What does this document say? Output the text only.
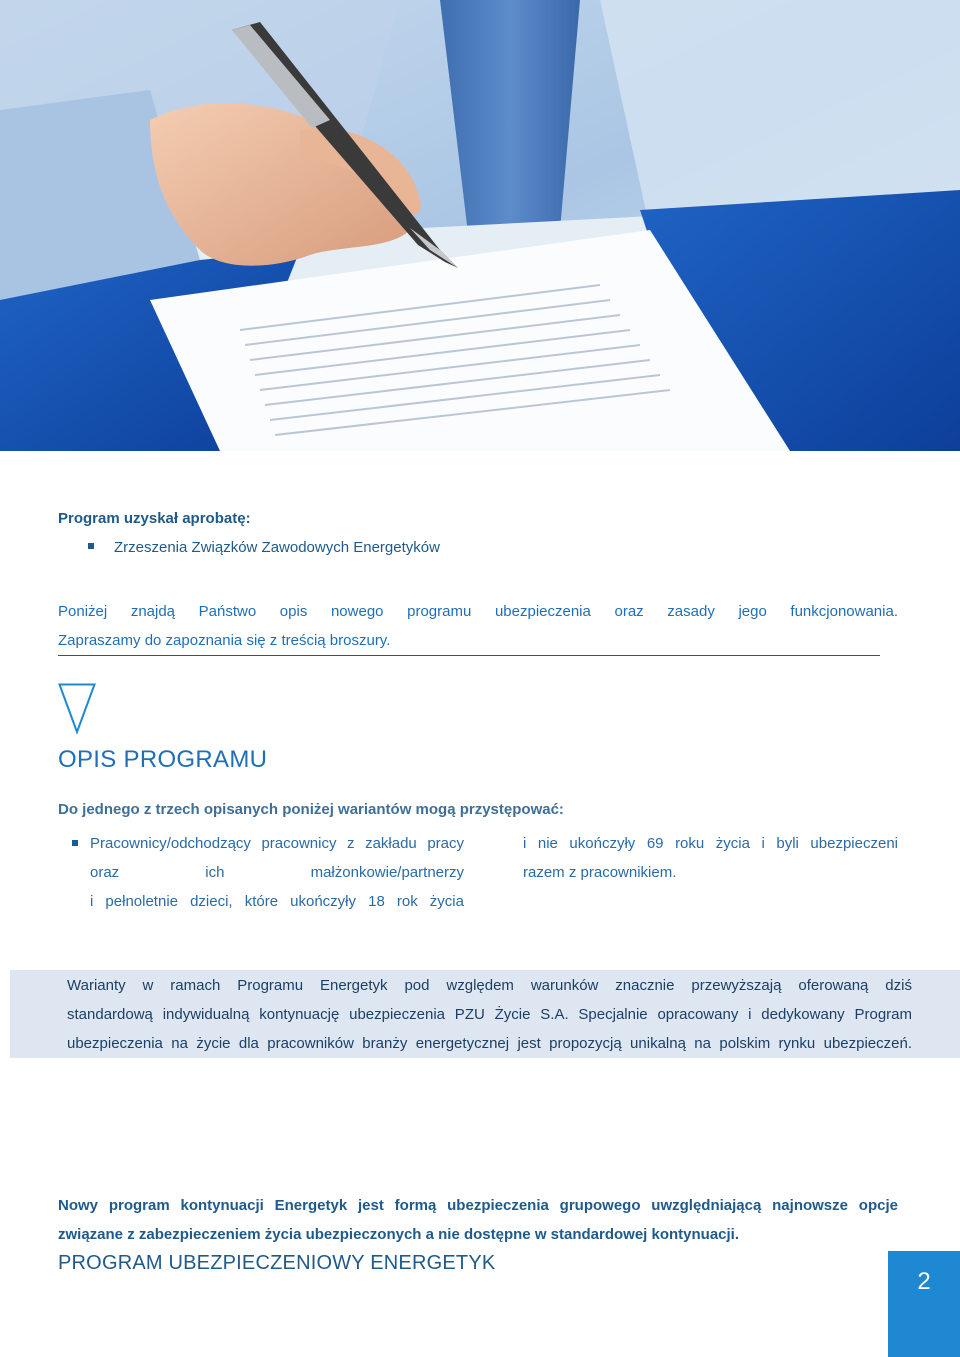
Program uzyskał aprobatę:
Zrzeszenia Związków Zawodowych Energetyków
Poniżej znajdą Państwo opis nowego programu ubezpieczenia oraz zasady jego funkcjonowania.
Zapraszamy do zapoznania się z treścią broszury.
OPIS PROGRAMU
Do jednego z trzech opisanych poniżej wariantów mogą przystępować:
Pracownicy/odchodzący pracownicy z zakładu pracy
oraz ich małżonkowie/partnerzy
i pełnoletnie dzieci, które ukończyły 18 rok życia
i nie ukończyły 69 roku życia i byli ubezpieczeni
razem z pracownikiem.
Warianty w ramach Programu Energetyk pod względem warunków znacznie przewyższają oferowaną dziś
standardową indywidualną kontynuację ubezpieczenia PZU Życie S.A. Specjalnie opracowany i dedykowany Program
ubezpieczenia na życie dla pracowników branży energetycznej jest propozycją unikalną na polskim rynku ubezpieczeń.
Nowy program kontynuacji Energetyk jest formą ubezpieczenia grupowego uwzględniającą najnowsze opcje
związane z zabezpieczeniem życia ubezpieczonych a nie dostępne w standardowej kontynuacji.
PROGRAM UBEZPIECZENIOWY ENERGETYK
2
